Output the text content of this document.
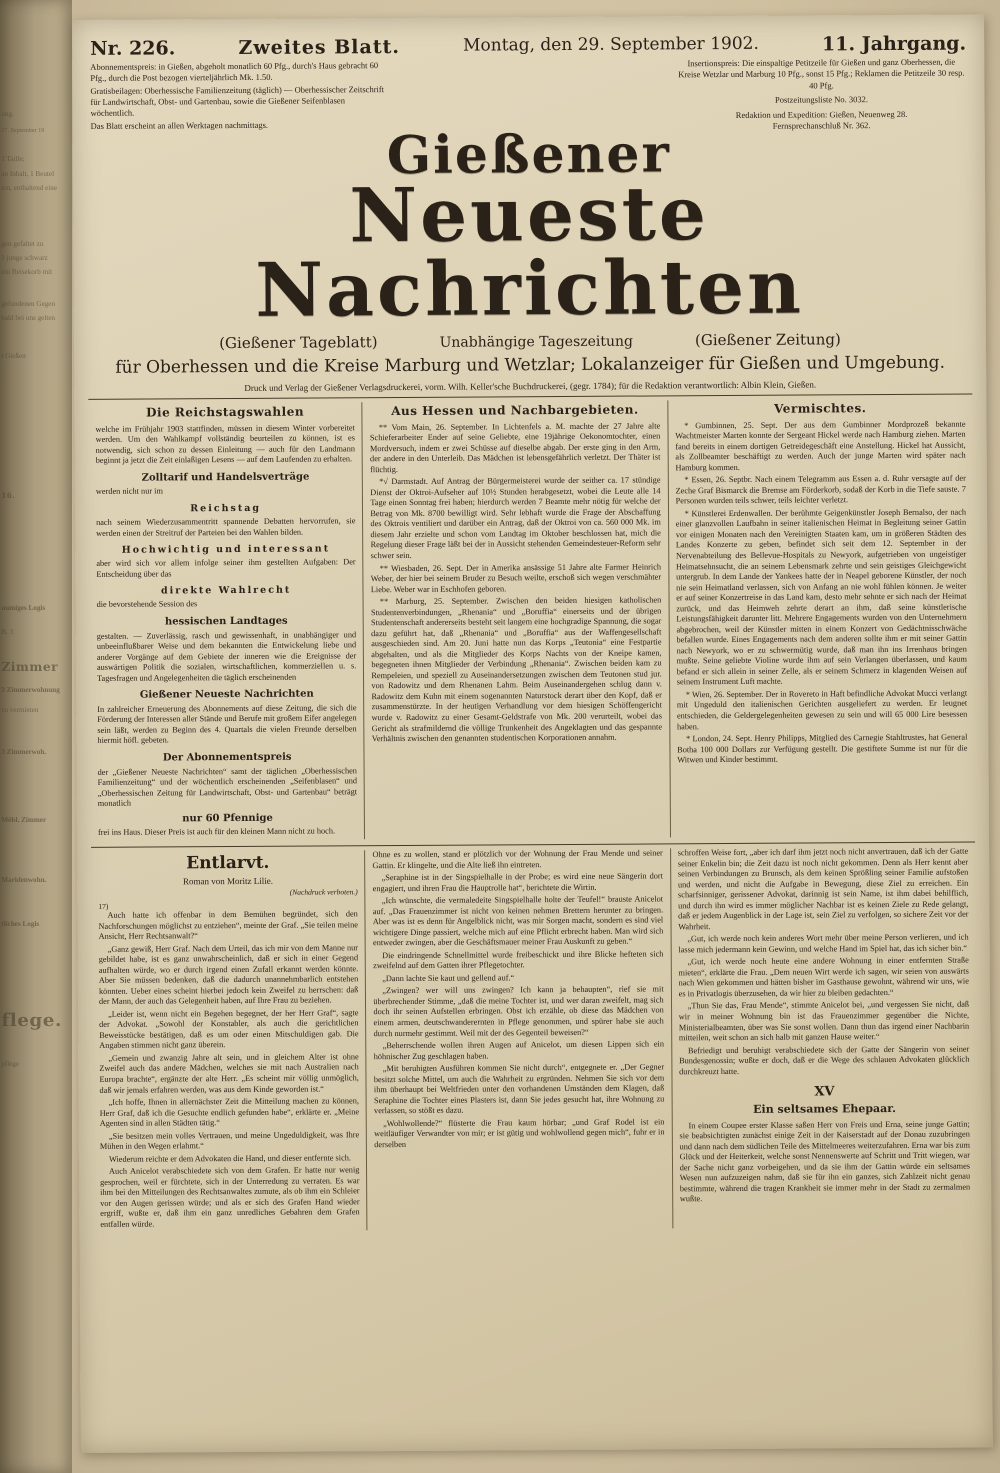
ung.
27. September 19
1 Taille;
an Inhalt, 1 Beutel
ten, enthaltend eine
gen gefaltet zu
1 junge schwarz
ein Reisekorb mit
gefundenen Gegen
bald bei uns gelten
t Gießen
16.
numiges Logis
B. 3
Zimmer
3 Zimmerwohnung
zu vermieten
3 Zimmerwoh.
Möbl. Zimmer
Maridenwohn.
tliches Logis
flege.
pflege
Nr. 226.	Zweites Blatt.	Montag, den 29. September 1902.	11. Jahrgang.
Abonnementspreis: in Gießen, abgeholt monatlich 60 Pfg., durch's Haus gebracht 60 Pfg., durch die Post bezogen vierteljährlich Mk. 1.50.
Gratisbeilagen: Oberhessische Familienzeitung (täglich) — Oberhessischer Zeitschrift für Landwirtschaft, Obst- und Gartenbau, sowie die Gießener Seifenblasen wöchentlich.
Das Blatt erscheint an allen Werktagen nachmittags.
Insertionspreis: Die einspaltige Petitzeile für Gießen und ganz Oberhessen, die Kreise Wetzlar und Marburg 10 Pfg., sonst 15 Pfg.; Reklamen die Petitzeile 30 resp. 40 Pfg.
Postzeitungsliste No. 3032.
Redaktion und Expedition: Gießen, Neuenweg 28.
Fernsprechanschluß Nr. 362.
Gießener
Neueste Nachrichten
(Gießener Tageblatt)	Unabhängige Tageszeitung	(Gießener Zeitung)
für Oberhessen und die Kreise Marburg und Wetzlar; Lokalanzeiger für Gießen und Umgebung.
Druck und Verlag der Gießener Verlagsdruckerei, vorm. Wilh. Keller'sche Buchdruckerei, (gegr. 1784); für die Redaktion verantwortlich: Albin Klein, Gießen.
Die Reichstagswahlen

welche im Frühjahr 1903 stattfinden, müssen in diesem Winter vorbereitet werden. Um den Wahlkampf vollständig beurteilen zu können, ist es notwendig, sich schon zu dessen Einleitung — auch für den Landmann beginnt ja jetzt die Zeit einlaßigen Lesens — auf dem Laufenden zu erhalten.

Zolltarif und Handelsverträge

werden nicht nur im

Reichstag

nach seinem Wiederzusammentritt spannende Debatten hervorrufen, sie werden einen der Streitruf der Parteien bei den Wahlen bilden.

Hochwichtig und interessant

aber wird sich vor allem infolge seiner ihm gestellten Aufgaben: Der Entscheidung über das

direkte Wahlrecht

die bevorstehende Session des

hessischen Landtages

gestalten. — Zuverlässig, rasch und gewissenhaft, in unabhängiger und unbeeinflußbarer Weise und dem bekannten die Entwickelung liebe und anderer Vorgänge auf dem Gebiete der inneren wie die Ereignisse der auswärtigen Politik die sozialen, wirtschaftlichen, kommerziellen u. s. Tagesfragen und Angelegenheiten die täglich erscheinenden

Gießener Neueste Nachrichten

In zahlreicher Erneuerung des Abonnements auf diese Zeitung, die sich die Förderung der Interessen aller Stände und Berufe mit großem Eifer angelegen sein läßt, werden zu Beginn des 4. Quartals die vielen Freunde derselben hiermit höfl. gebeten.

Der Abonnementspreis

der „Gießener Neueste Nachrichten“ samt der täglichen „Oberhessischen Familienzeitung“ und der wöchentlich erscheinenden „Seifenblasen“ und „Oberhessischen Zeitung für Landwirtschaft, Obst- und Gartenbau“ beträgt monatlich

nur 60 Pfennige

frei ins Haus. Dieser Preis ist auch für den kleinen Mann nicht zu hoch.

Aus Hessen und Nachbargebieten.

** Vom Main, 26. September. In Lichtenfels a. M. machte der 27 Jahre alte Schieferarbeiter Ender auf seine Geliebte, eine 19jährige Oekonomtochter, einen Mordversuch, indem er zwei Schüsse auf dieselbe abgab. Der erste ging in den Arm, der andere in den Unterleib. Das Mädchen ist lebensgefährlich verletzt. Der Thäter ist flüchtig.

*√ Darmstadt. Auf Antrag der Bürgermeisterei wurde der seither ca. 17 stündige Dienst der Oktroi-Aufseher auf 10½ Stunden herabgesetzt, wobei die Leute alle 14 Tage einen Sonntag frei haben; hierdurch werden 7 Beamte mehr nötig für welche der Betrag von Mk. 8700 bewilligt wird. Sehr lebhaft wurde die Frage der Abschaffung des Oktrois ventiliert und darüber ein Antrag, daß der Oktroi von ca. 560 000 Mk. im diesem Jahr erzielte und schon vom Landtag im Oktober beschlossen hat, mich die Regelung dieser Frage läßt bei der in Aussicht stehenden Gemeindesteuer-Reform sehr schwer sein.

** Wiesbaden, 26. Sept. Der in Amerika ansässige 51 Jahre alte Farmer Heinrich Weber, der hier bei seinem Bruder zu Besuch weilte, erschoß sich wegen verschmähter Liebe. Weber war in Eschhofen geboren.

** Marburg, 25. September. Zwischen den beiden hiesigen katholischen Studentenverbindungen, „Rhenania“ und „Boruffia“ einerseits und der übrigen Studentenschaft andererseits besteht seit langem eine hochgradige Spannung, die sogar dazu geführt hat, daß „Rhenania“ und „Boruffia“ aus der Waffengesellschaft ausgeschieden sind. Am 20. Juni hatte nun das Korps „Teutonia“ eine Festpartie abgehalten, und als die Mitglieder des Korps Nachts von der Kneipe kamen, begegneten ihnen Mitglieder der Verbindung „Rhenania“. Zwischen beiden kam zu Rempeleien, und speziell zu Auseinandersetzungen zwischen dem Teutonen stud jur. von Radowitz und dem Rhenanen Lahm. Beim Auseinandergehen schlug dann v. Radowitz dem Kuhn mit einem sogenannten Naturstock derart über den Kopf, daß er zusammenstürzte. In der heutigen Verhandlung vor dem hiesigen Schöffengericht wurde v. Radowitz zu einer Gesamt-Geldstrafe von Mk. 200 verurteilt, wobei das Gericht als strafmildernd die völlige Trunkenheit des Angeklagten und das gespannte Verhältnis zwischen den genannten studentischen Korporationen annahm.

Vermischtes.

* Gumbinnen, 25. Sept. Der aus dem Gumbinner Mordprozeß bekannte Wachtmeister Marten konnte der Sergeant Hickel werde nach Hamburg ziehen. Marten fand bereits in einem dortigen Getreidegeschäft eine Anstellung. Hickel hat Aussicht, als Zollbeamter beschäftigt zu werden. Auch der junge Marten wird später nach Hamburg kommen.

* Essen, 26. Septbr. Nach einem Telegramm aus Essen a. d. Ruhr versagte auf der Zeche Graf Bismarck die Bremse am Förderkorb, sodaß der Korb in die Tiefe sauste. 7 Personen wurden teils schwer, teils leichter verletzt.

* Künstlerei Erdenwallen. Der berühmte Geigenkünstler Joseph Bernalso, der nach einer glanzvollen Laufbahn in seiner italienischen Heimat in Begleitung seiner Gattin vor einigen Monaten nach den Vereinigten Staaten kam, um in größeren Städten des Landes Konzerte zu geben, befindet sich seit dem 12. September in der Nervenabteilung des Bellevue-Hospitals zu Newyork, aufgetrieben von ungeistiger Heimatsehnsucht, die an seinem Lebensmark zehrte und sein geistiges Gleichgewicht untergrub. In dem Lande der Yankees hatte der in Neapel geborene Künstler, der noch nie sein Heimatland verlassen, sich von Anfang an nie wohl fühlen können. Je weiter er auf seiner Konzertreise in das Land kam, desto mehr sehnte er sich nach der Heimat zurück, und das Heimweh zehrte derart an ihm, daß seine künstlerische Leistungsfähigkeit darunter litt. Mehrere Engagements wurden von den Unternehmern abgebrochen, weil der Künstler mitten in einem Konzert von Gedächtnisschwäche befallen wurde. Eines Engagements nach dem anderen sollte ihm er mit seiner Gattin nach Newyork, wo er zu schwermütig wurde, daß man ihn ins Irrenhaus bringen mußte. Seine geliebte Violine wurde ihm auf sein Verlangen überlassen, und kaum befand er sich allein in seiner Zelle, als er seinem Schmerz in klagenden Weisen auf seinem Instrument Luft machte.

* Wien, 26. September. Der in Rovereto in Haft befindliche Advokat Mucci verlangt mit Ungeduld den italienischen Gerichten ausgeliefert zu werden. Er leugnet entschieden, die Geldergelegenheiten gewesen zu sein und will 65 000 Lire besessen haben.

* London, 24. Sept. Henry Philipps, Mitglied des Carnegie Stahltrustes, hat General Botha 100 000 Dollars zur Verfügung gestellt. Die gestiftete Summe ist nur für die Witwen und Kinder bestimmt.

Entlarvt.
Roman von Moritz Lilie.
(Nachdruck verboten.)
17)

Auch hatte ich offenbar in dem Bemühen begründet, sich den Nachforschungen möglichst zu entziehen“, meinte der Graf. „Sie teilen meine Ansicht, Herr Rechtsanwalt?“

„Ganz gewiß, Herr Graf. Nach dem Urteil, das ich mir von dem Manne nur gebildet habe, ist es ganz unwahrscheinlich, daß er sich in einer Gegend aufhalten würde, wo er durch irgend einen Zufall erkannt werden könnte. Aber Sie müssen bedenken, daß die dadurch unannehmbarlich entstehen könnten. Ueber eines scheint hierbei jedoch kein Zweifel zu herrschen: daß der Mann, der auch das Gelegenheit haben, auf Ihre Frau zu beziehen.

„Leider ist, wenn nicht ein Begehen begegnet, der her Herr Graf“, sagte der Advokat. „Sowohl der Konstabler, als auch die gerichtlichen Beweisstücke bestätigen, daß es um oder einen Mitschuldigen gab. Die Angaben stimmen nicht ganz überein.

„Gemein und zwanzig Jahre alt sein, und in gleichem Alter ist ohne Zweifel auch das andere Mädchen, welches sie mit nach Australien nach Europa brachte“, ergänzte der alte Herr. „Es scheint mir völlig unmöglich, daß wir jemals erfahren werden, was aus dem Kinde geworden ist.“

„Ich hoffe, Ihnen in allernächster Zeit die Mitteilung machen zu können, Herr Graf, daß ich die Gesuchte endlich gefunden habe“, erklärte er. „Meine Agenten sind in allen Städten tätig.“

„Sie besitzen mein volles Vertrauen, und meine Ungeduldigkeit, was Ihre Mühen in den Wegen erlahmt.“

Wiederum reichte er dem Advokaten die Hand, und dieser entfernte sich.

Auch Anicelot verabschiedete sich von dem Grafen. Er hatte nur wenig gesprochen, weil er fürchtete, sich in der Unterredung zu verraten. Es war ihm bei den Mitteilungen des Rechtsanwaltes zumute, als ob ihm ein Schleier vor den Augen gerissen würde; und als er sich des Grafen Hand wieder ergriff, wußte er, daß ihm ein ganz unredliches Gebahren dem Grafen entfallen würde.

Ohne es zu wollen, stand er plötzlich vor der Wohnung der Frau Mende und seiner Gattin. Er klingelte, und die Alte ließ ihn eintreten.

„Seraphine ist in der Singspielhalle in der Probe; es wird eine neue Sängerin dort engagiert, und ihren Frau die Hauptrolle hat“, berichtete die Wirtin.

„Ich wünschte, die vermaledeite Singspielhalle holte der Teufel!“ brauste Anicelot auf. „Das Frauenzimmer ist nicht von keinen nehmen Brettern herunter zu bringen. Aber was ist es denn für Angelblick nicht, was mir Sorgen macht, sondern es sind viel wichtigere Dinge passiert, welche mich auf eine Pflicht erbrecht haben. Man wird sich entweder zwingen, aber die Geschäftsmauer meiner Frau Auskunft zu geben.“

Die eindringende Schnellmittel wurde freibeschickt und ihre Blicke hefteten sich zweifelnd auf dem Gatten ihrer Pflegetochter.

„Dann lachte Sie kaut und gellend auf.“

„Zwingen? wer will uns zwingen? Ich kann ja behaupten“, rief sie mit überbrechender Stimme, „daß die meine Tochter ist, und wer daran zweifelt, mag sich doch ihr seinen Aufstellen erbringen. Obst ich erzähle, ob diese das Mädchen von einem armen, deutschwanderernten in Pflege genommen, und spürer habe sie auch durch nurmehr gestimmt. Weil mit der des Gegenteil beweisen?“

„Beherrschende wollen ihren Augen auf Anicelot, um diesen Lippen sich ein höhnischer Zug geschlagen haben.

„Mit beruhigten Ausführen kommen Sie nicht durch“, entgegnete er. „Der Gegner besitzt solche Mittel, um auch die Wahrheit zu ergründen. Nehmen Sie sich vor dem ihm überhaupt bei Weltfrieden unter den vorhandenen Umständen dem Klagen, daß Seraphine die Tochter eines Plasters ist, dann Sie jedes gesucht hat, ihre Wohnung zu verlassen, so stößt es dazu.

„Wohlwollende?“ flüsterte die Frau kaum hörbar; „und Graf Rodel ist ein weitläufiger Verwandter von mir; er ist gütig und wohlwollend gegen mich“, fuhr er in derselben

schroffen Weise fort, „aber ich darf ihm jetzt noch nicht anvertrauen, daß ich der Gatte seiner Enkelin bin; die Zeit dazu ist noch nicht gekommen. Denn als Herr kennt aber seinen Verbindungen zu Brunsch, als dem keinen Sprößling seiner Familie aufstoßen und werden, und nicht die Aufgabe in Bewegung, diese Ziel zu erreichen. Ein scharfsinniger, gerissener Advokat, darinnig ist sein Name, ist ihm dabei behilflich, und durch ihn wird es immer möglicher Nachbar ist es keinen Ziele zu Rede gelangt, daß er jedem Augenblick in der Lage ist, sein Ziel zu verfolgen, so sichere Zeit vor der Wahrheit.

„Gut, ich werde noch kein anderes Wort mehr über meine Person verlieren, und ich lasse mich jedermann kein Gewinn, und welche Hand im Spiel hat, das ich sicher bin.“

„Gut, ich werde noch heute eine andere Wohnung in einer entfernten Straße mieten“, erklärte die Frau. „Dem neuen Wirt werde ich sagen, wir seien von auswärts nach Wien gekommen und hätten bisher im Gasthause gewohnt, während wir uns, wie es in Privatlogis überzusehen, da wir hier zu bleiben gedachten.“

„Thun Sie das, Frau Mende“, stimmte Anicelot bei, „und vergessen Sie nicht, daß wir in meiner Wohnung bin ist das Frauenzimmer gegenüber die Nichte, Ministerialbeamten, über was Sie sonst wollen. Dann thun das irgend einer Nachbarin mitteilen, weit schon an sich halb mit ganzen Hause weiter.“

Befriedigt und beruhigt verabschiedete sich der Gatte der Sängerin von seiner Bundesgenossin; wußte er doch, daß er die Wege des schlauen Advokaten glücklich durchkreuzt hatte.

XV
Ein seltsames Ehepaar.

In einem Coupee erster Klasse saßen Herr von Freis und Erna, seine junge Gattin; sie beabsichtigten zunächst einige Zeit in der Kaiserstadt auf der Donau zuzubringen und dann nach dem südlichen Teile des Mittelmeeres weiterzufahren. Erna war bis zum Glück und der Heiterkeit, welche sonst Nennenswerte auf Schritt und Tritt wiegen, war der Sache nicht ganz vorbeigehen, und da sie ihm der Gattin würde ein seltsames Wesen nun aufzuzeigen nahm, daß sie für ihn ein ganzes, sich Zahlzeit nicht genau bestimmte, während die tragen Krankheit sie immer mehr in der Stadt zu zermalmen wußte.
